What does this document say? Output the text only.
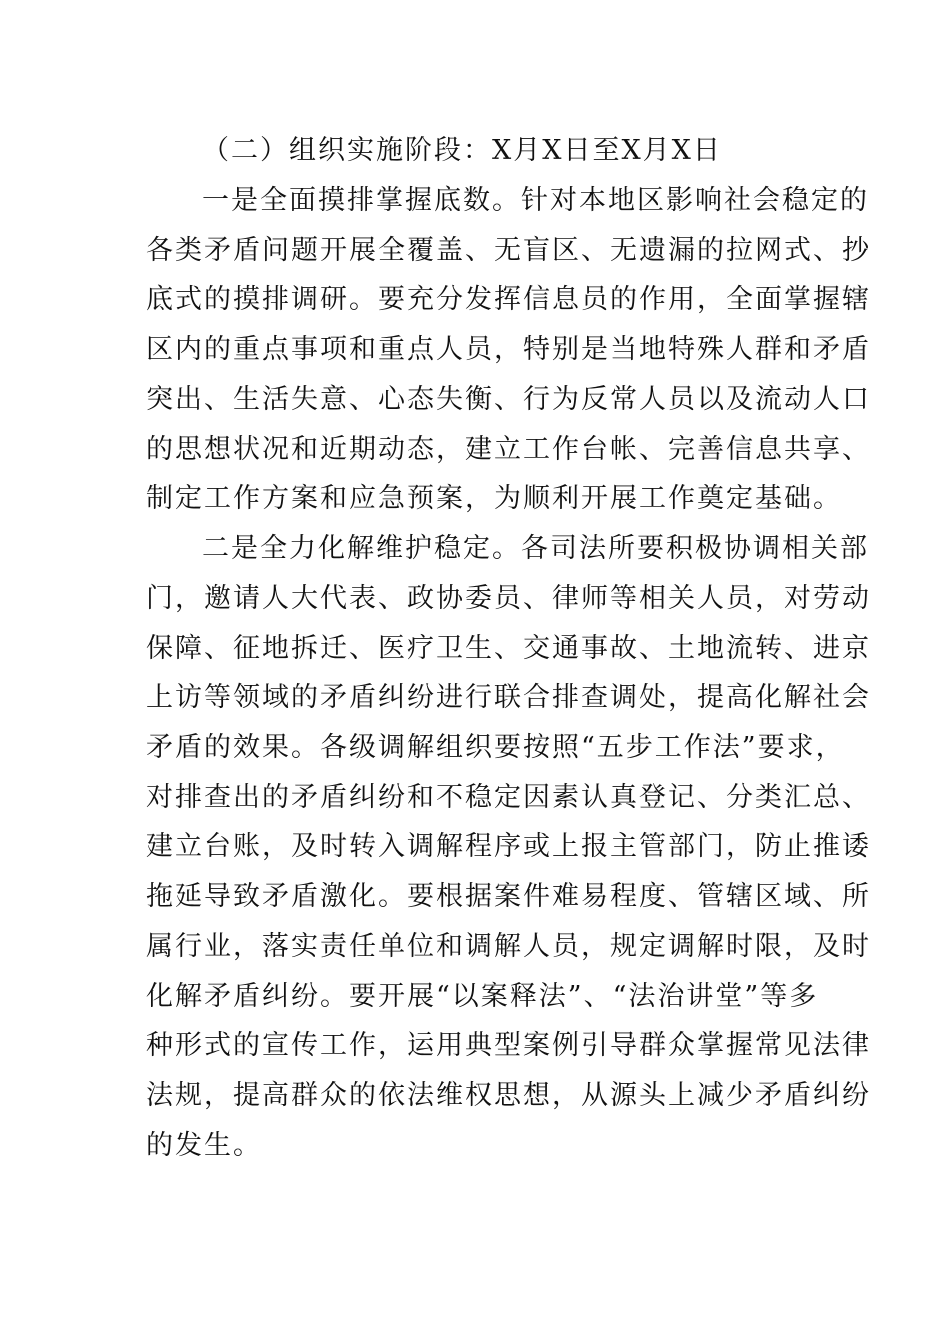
（二）组织实施阶段：X月X日至X月X日
一是全面摸排掌握底数。针对本地区影响社会稳定的
各类矛盾问题开展全覆盖、无盲区、无遗漏的拉网式、抄
底式的摸排调研。要充分发挥信息员的作用，全面掌握辖
区内的重点事项和重点人员，特别是当地特殊人群和矛盾
突出、生活失意、心态失衡、行为反常人员以及流动人口
的思想状况和近期动态，建立工作台帐、完善信息共享、
制定工作方案和应急预案，为顺利开展工作奠定基础。
二是全力化解维护稳定。各司法所要积极协调相关部
门，邀请人大代表、政协委员、律师等相关人员，对劳动
保障、征地拆迁、医疗卫生、交通事故、土地流转、进京
上访等领域的矛盾纠纷进行联合排查调处，提高化解社会
矛盾的效果。各级调解组织要按照“五步工作法”要求，
对排查出的矛盾纠纷和不稳定因素认真登记、分类汇总、
建立台账，及时转入调解程序或上报主管部门，防止推诿
拖延导致矛盾激化。要根据案件难易程度、管辖区域、所
属行业，落实责任单位和调解人员，规定调解时限，及时
化解矛盾纠纷。要开展“以案释法”、“法治讲堂”等多
种形式的宣传工作，运用典型案例引导群众掌握常见法律
法规，提高群众的依法维权思想，从源头上减少矛盾纠纷
的发生。
